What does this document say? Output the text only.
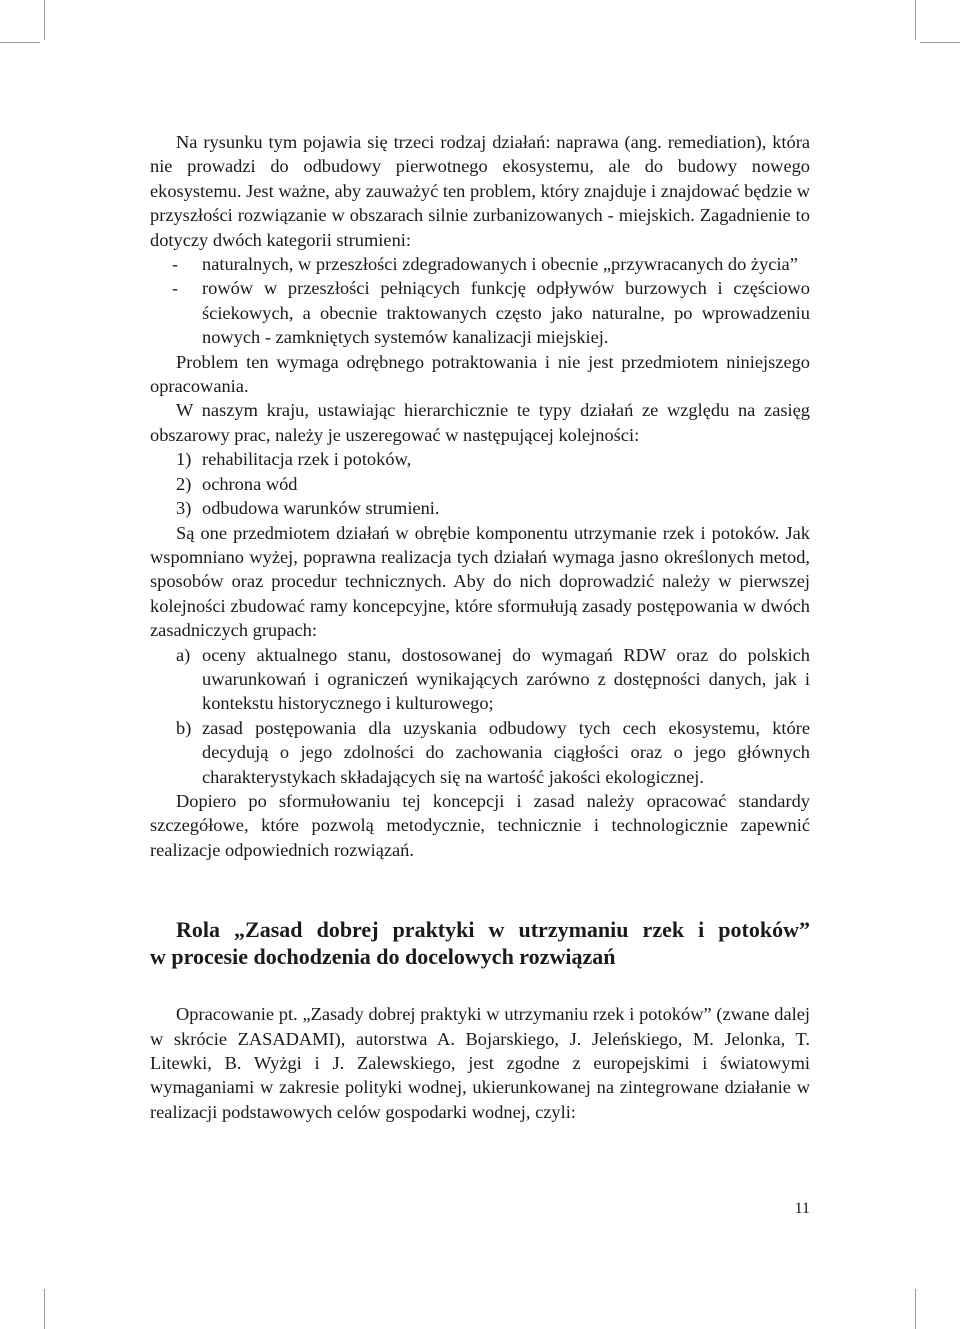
Na rysunku tym pojawia się trzeci rodzaj działań: naprawa (ang. remediation), która nie prowadzi do odbudowy pierwotnego ekosystemu, ale do budowy nowego ekosystemu. Jest ważne, aby zauważyć ten problem, który znajduje i znajdować będzie w przyszłości rozwiązanie w obszarach silnie zurbanizowanych - miejskich. Zagadnienie to dotyczy dwóch kategorii strumieni:

- naturalnych, w przeszłości zdegradowanych i obecnie „przywracanych do życia”
- rowów w przeszłości pełniących funkcję odpływów burzowych i częściowo ściekowych, a obecnie traktowanych często jako naturalne, po wprowadzeniu nowych - zamkniętych systemów kanalizacji miejskiej.

Problem ten wymaga odrębnego potraktowania i nie jest przedmiotem niniejszego opracowania.

W naszym kraju, ustawiając hierarchicznie te typy działań ze względu na zasięg obszarowy prac, należy je uszeregować w następującej kolejności:

1) rehabilitacja rzek i potoków,
2) ochrona wód
3) odbudowa warunków strumieni.

Są one przedmiotem działań w obrębie komponentu utrzymanie rzek i potoków. Jak wspomniano wyżej, poprawna realizacja tych działań wymaga jasno określonych metod, sposobów oraz procedur technicznych. Aby do nich doprowadzić należy w pierwszej kolejności zbudować ramy koncepcyjne, które sformułują zasady postępowania w dwóch zasadniczych grupach:

a) oceny aktualnego stanu, dostosowanej do wymagań RDW oraz do polskich uwarunkowań i ograniczeń wynikających zarówno z dostępności danych, jak i kontekstu historycznego i kulturowego;
b) zasad postępowania dla uzyskania odbudowy tych cech ekosystemu, które decydują o jego zdolności do zachowania ciągłości oraz o jego głównych charakterystykach składających się na wartość jakości ekologicznej.

Dopiero po sformułowaniu tej koncepcji i zasad należy opracować standardy szczegółowe, które pozwolą metodycznie, technicznie i technologicznie zapewnić realizacje odpowiednich rozwiązań.

Rola „Zasad dobrej praktyki w utrzymaniu rzek i potoków”
w procesie dochodzenia do docelowych rozwiązań

Opracowanie pt. „Zasady dobrej praktyki w utrzymaniu rzek i potoków” (zwane dalej w skrócie ZASADAMI), autorstwa A. Bojarskiego, J. Jeleńskiego, M. Jelonka, T. Litewki, B. Wyżgi i J. Zalewskiego, jest zgodne z europejskimi i światowymi wymaganiami w zakresie polityki wodnej, ukierunkowanej na zintegrowane działanie w realizacji podstawowych celów gospodarki wodnej, czyli:

11
